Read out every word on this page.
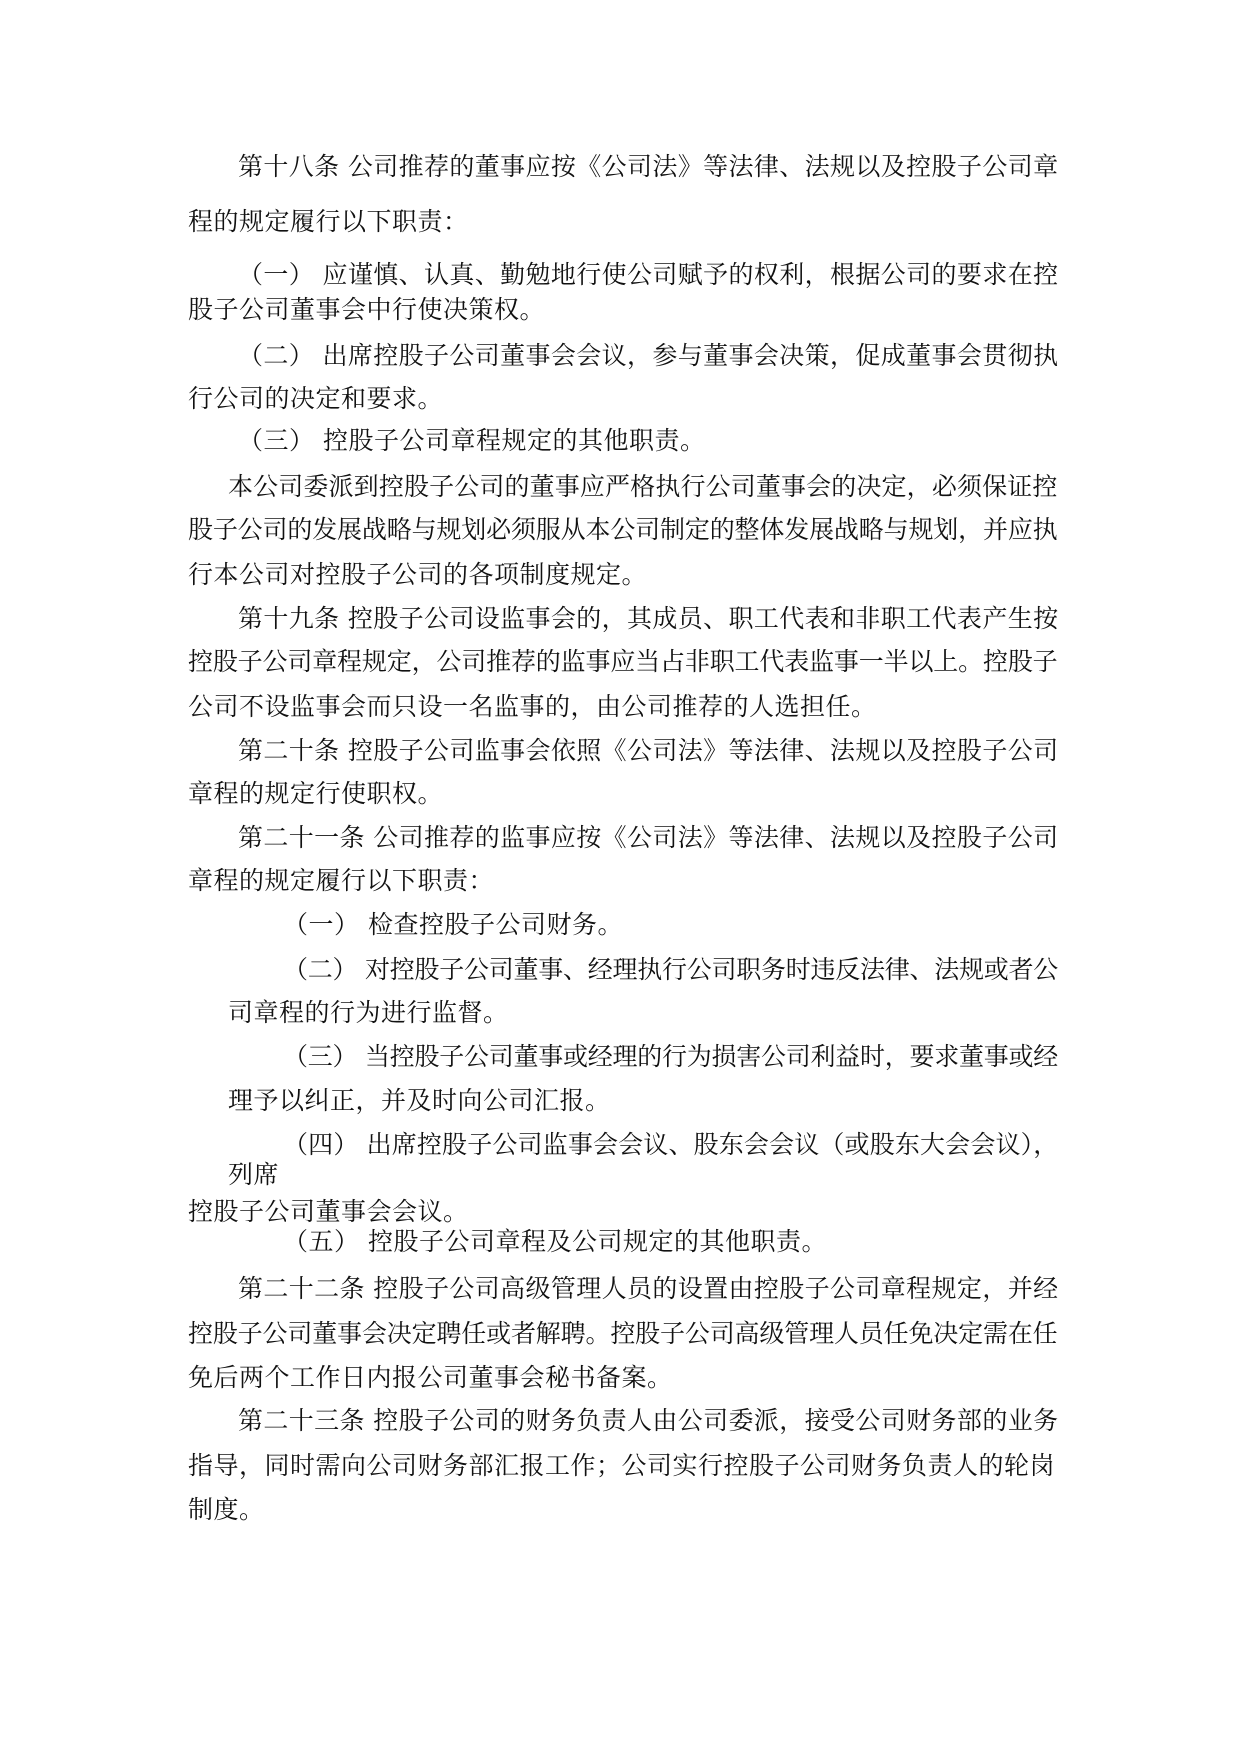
第十八条 公司推荐的董事应按《公司法》等法律、法规以及控股子公司章
程的规定履行以下职责：
（一） 应谨慎、认真、勤勉地行使公司赋予的权利，根据公司的要求在控
股子公司董事会中行使决策权。
（二） 出席控股子公司董事会会议，参与董事会决策，促成董事会贯彻执
行公司的决定和要求。
（三） 控股子公司章程规定的其他职责。
本公司委派到控股子公司的董事应严格执行公司董事会的决定，必须保证控
股子公司的发展战略与规划必须服从本公司制定的整体发展战略与规划，并应执
行本公司对控股子公司的各项制度规定。
第十九条 控股子公司设监事会的，其成员、职工代表和非职工代表产生按
控股子公司章程规定，公司推荐的监事应当占非职工代表监事一半以上。控股子
公司不设监事会而只设一名监事的，由公司推荐的人选担任。
第二十条 控股子公司监事会依照《公司法》等法律、法规以及控股子公司
章程的规定行使职权。
第二十一条 公司推荐的监事应按《公司法》等法律、法规以及控股子公司
章程的规定履行以下职责：
（一） 检查控股子公司财务。
（二） 对控股子公司董事、经理执行公司职务时违反法律、法规或者公
司章程的行为进行监督。
（三） 当控股子公司董事或经理的行为损害公司利益时，要求董事或经
理予以纠正，并及时向公司汇报。
（四） 出席控股子公司监事会会议、股东会会议（或股东大会会议），
列席
控股子公司董事会会议。
（五） 控股子公司章程及公司规定的其他职责。
第二十二条 控股子公司高级管理人员的设置由控股子公司章程规定，并经
控股子公司董事会决定聘任或者解聘。控股子公司高级管理人员任免决定需在任
免后两个工作日内报公司董事会秘书备案。
第二十三条 控股子公司的财务负责人由公司委派，接受公司财务部的业务
指导，同时需向公司财务部汇报工作；公司实行控股子公司财务负责人的轮岗
制度。
